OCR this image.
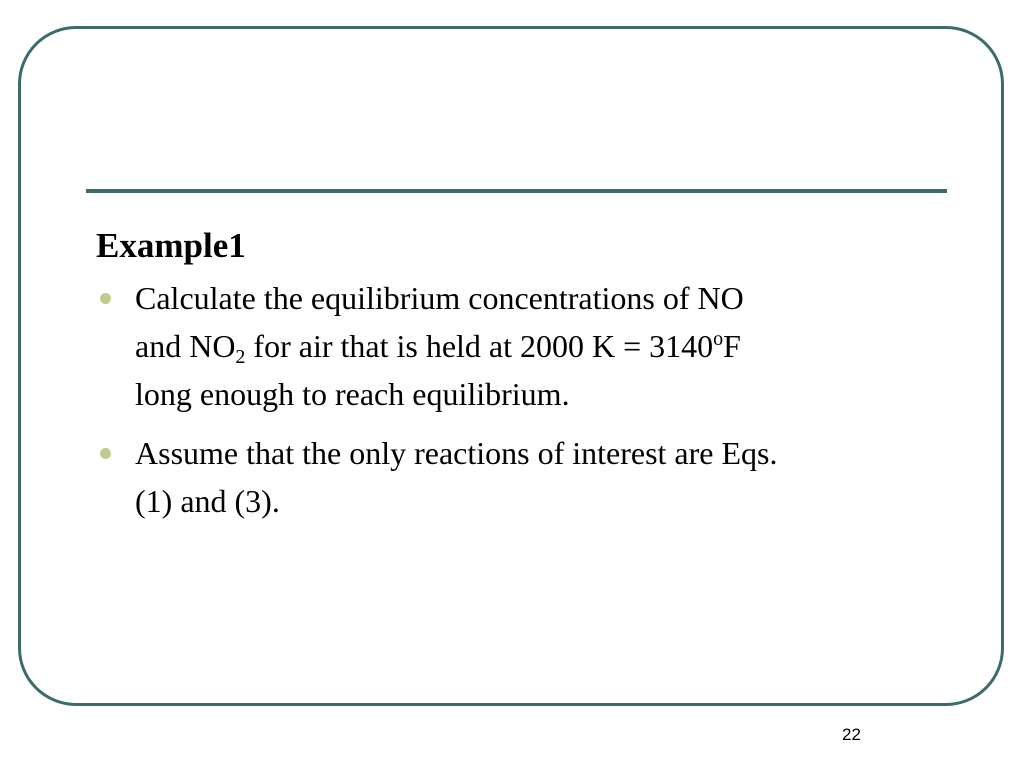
Example1
Calculate the equilibrium concentrations of NO
and $NO_2$ for air that is held at 2000 $K = 3140^oF$
long enough to reach equilibrium.
Assume that the only reactions of interest are Eqs.
(1) and (3).
22
